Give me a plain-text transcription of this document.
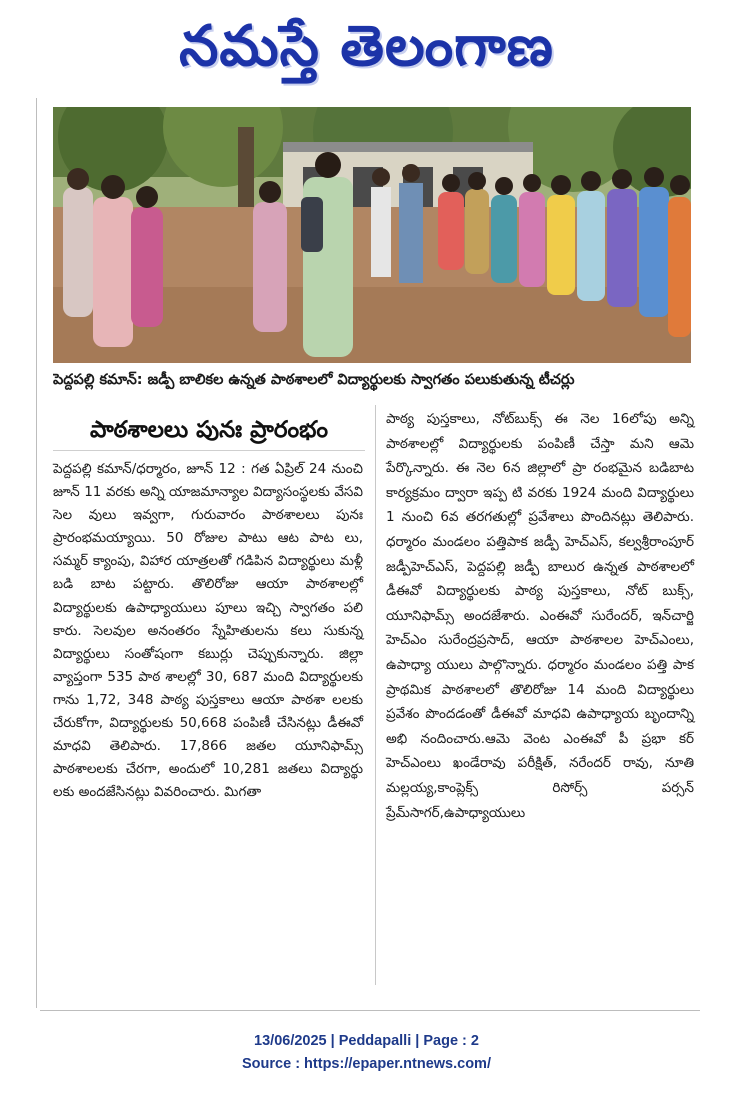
నమస్తే తెలంగాణ
పెద్దపల్లి కమాన్: జడ్పీ బాలికల ఉన్నత పాఠశాలలో విద్యార్థులకు స్వాగతం పలుకుతున్న టీచర్లు
పాఠశాలలు పునః ప్రారంభం
పెద్దపల్లి కమాన్/ధర్మారం, జూన్ 12 : గత ఏప్రిల్ 24 నుంచి జూన్ 11 వరకు అన్ని యాజమాన్యాల విద్యాసంస్థలకు వేసవి సెల వులు ఇవ్వగా, గురువారం పాఠశాలలు పునః ప్రారంభమయ్యాయి. 50 రోజుల పాటు ఆట పాట లు, సమ్మర్ క్యాంపు, విహార యాత్రలతో గడిపిన విద్యార్థులు మళ్లీ బడి బాట పట్టారు. తొలిరోజు ఆయా పాఠశాలల్లో విద్యార్థులకు ఉపాధ్యాయులు పూలు ఇచ్చి స్వాగతం పలి కారు. సెలవుల అనంతరం స్నేహితులను కలు సుకున్న విద్యార్థులు సంతోషంగా కబుర్లు చెప్పుకున్నారు. జిల్లా వ్యాప్తంగా 535 పాఠ శాలల్లో 30, 687 మంది విద్యార్థులకు గాను 1,72, 348 పాఠ్య పుస్తకాలు ఆయా పాఠశా లలకు చేరుకోగా, విద్యార్థులకు 50,668 పంపిణీ చేసినట్లు డీఈవో మాధవి తెలిపారు. 17,866 జతల యూనిఫామ్స్ పాఠశాలలకు చేరగా, అందులో 10,281 జతలు విద్యార్థు లకు అందజేసినట్లు వివరించారు. మిగతా
పాఠ్య పుస్తకాలు, నోట్‌బుక్స్ ఈ నెల 16లోపు అన్ని పాఠశాలల్లో విద్యార్థులకు పంపిణీ చేస్తా మని ఆమె పేర్కొన్నారు. ఈ నెల 6న జిల్లాలో ప్రా రంభమైన బడిబాట కార్యక్రమం ద్వారా ఇప్ప టి వరకు 1924 మంది విద్యార్థులు 1 నుంచి 6వ తరగతుల్లో ప్రవేశాలు పొందినట్లు తెలిపారు. ధర్మారం మండలం పత్తిపాక జడ్పీ హెచ్ఎస్, కల్వశ్రీరాంపూర్ జడ్పీహెచ్ఎస్, పెద్దపల్లి జడ్పీ బాలుర ఉన్నత పాఠశాలలో డీఈవో విద్యార్థులకు పాఠ్య పుస్తకాలు, నోట్ బుక్స్, యూనిఫామ్స్ అందజేశారు. ఎంఈవో సురేందర్, ఇన్‌చార్జి హెచ్ఎం సురేంద్రప్రసాద్, ఆయా పాఠశాలల హెచ్ఎంలు, ఉపాధ్యా యులు పాల్గొన్నారు. ధర్మారం మండలం పత్తి పాక ప్రాథమిక పాఠశాలలో తొలిరోజు 14 మంది విద్యార్థులు ప్రవేశం పొందడంతో డీఈవో మాధవి ఉపాధ్యాయ బృందాన్ని అభి నందించారు.ఆమె వెంట ఎంఈవో పీ ప్రభా కర్ హెచ్ఎంలు ఖండేరావు పరీక్షిత్, నరేందర్ రావు, నూతి మల్లయ్య,కాంప్లెక్స్ రిసోర్స్ పర్సన్ ప్రేమ్‌సాగర్,ఉపాధ్యాయులు
13/06/2025 | Peddapalli | Page : 2
Source : https://epaper.ntnews.com/
